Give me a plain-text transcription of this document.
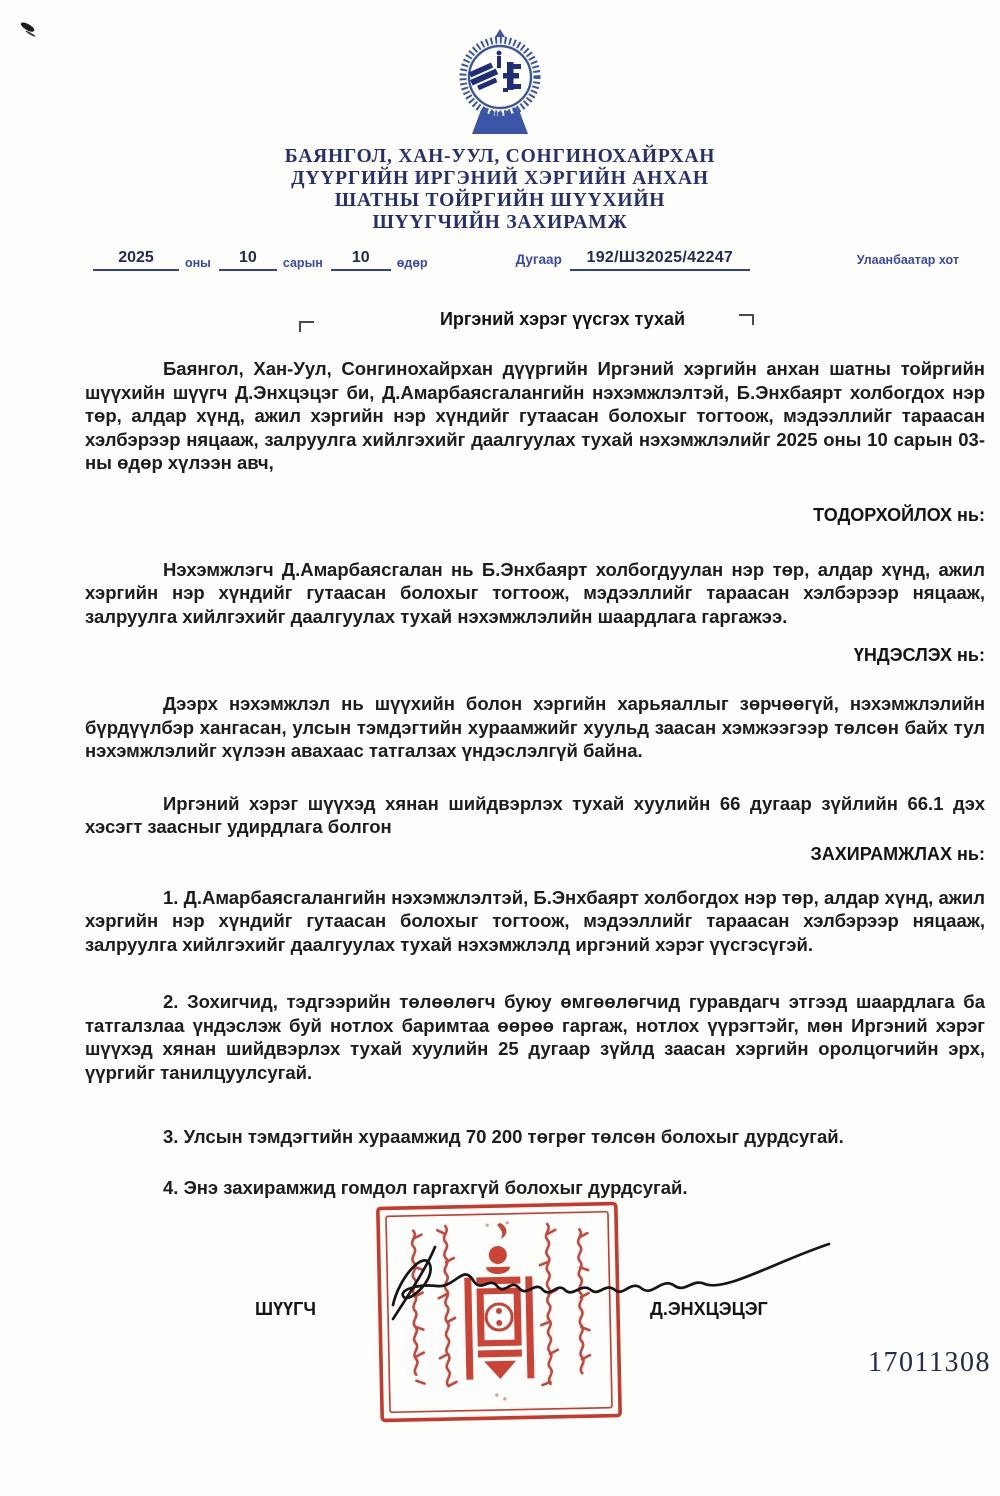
БАЯНГОЛ, ХАН-УУЛ, СОНГИНОХАЙРХАН
ДҮҮРГИЙН ИРГЭНИЙ ХЭРГИЙН АНХАН
ШАТНЫ ТОЙРГИЙН ШҮҮХИЙН
ШҮҮГЧИЙН ЗАХИРАМЖ
2025	оны	10	сарын	10	өдөр	Дугаар	192/ШЗ2025/42247	Улаанбаатар хот
Иргэний хэрэг үүсгэх тухай

Баянгол, Хан-Уул, Сонгинохайрхан дүүргийн Иргэний хэргийн анхан шатны тойргийн шүүхийн шүүгч Д.Энхцэцэг би, Д.Амарбаясгалангийн нэхэмжлэлтэй, Б.Энхбаярт холбогдох нэр төр, алдар хүнд, ажил хэргийн нэр хүндийг гутаасан болохыг тогтоож, мэдээллийг тараасан хэлбэрээр няцааж, залруулга хийлгэхийг даалгуулах тухай нэхэмжлэлийг 2025 оны 10 сарын 03-ны өдөр хүлээн авч,

ТОДОРХОЙЛОХ нь:

Нэхэмжлэгч Д.Амарбаясгалан нь Б.Энхбаярт холбогдуулан нэр төр, алдар хүнд, ажил хэргийн нэр хүндийг гутаасан болохыг тогтоож, мэдээллийг тараасан хэлбэрээр няцааж, залруулга хийлгэхийг даалгуулах тухай нэхэмжлэлийн шаардлага гаргажээ.

ҮНДЭСЛЭХ нь:

Дээрх нэхэмжлэл нь шүүхийн болон хэргийн харьяаллыг зөрчөөгүй, нэхэмжлэлийн бүрдүүлбэр хангасан, улсын тэмдэгтийн хураамжийг хуульд заасан хэмжээгээр төлсөн байх тул нэхэмжлэлийг хүлээн авахаас татгалзах үндэслэлгүй байна.

Иргэний хэрэг шүүхэд хянан шийдвэрлэх тухай хуулийн 66 дугаар зүйлийн 66.1 дэх хэсэгт заасныг удирдлага болгон

ЗАХИРАМЖЛАХ нь:

1. Д.Амарбаясгалангийн нэхэмжлэлтэй, Б.Энхбаярт холбогдох нэр төр, алдар хүнд, ажил хэргийн нэр хүндийг гутаасан болохыг тогтоож, мэдээллийг тараасан хэлбэрээр няцааж, залруулга хийлгэхийг даалгуулах тухай нэхэмжлэлд иргэний хэрэг үүсгэсүгэй.

2. Зохигчид, тэдгээрийн төлөөлөгч буюу өмгөөлөгчид гуравдагч этгээд шаардлага ба татгалзлаа үндэслэж буй нотлох баримтаа өөрөө гаргаж, нотлох үүрэгтэйг, мөн Иргэний хэрэг шүүхэд хянан шийдвэрлэх тухай хуулийн 25 дугаар зүйлд заасан хэргийн оролцогчийн эрх, үүргийг танилцуулсугай.

3. Улсын тэмдэгтийн хураамжид 70 200 төгрөг төлсөн болохыг дурдсугай.

4. Энэ захирамжид гомдол гаргахгүй болохыг дурдсугай.

ШҮҮГЧ	Д.ЭНХЦЭЦЭГ
17011308
